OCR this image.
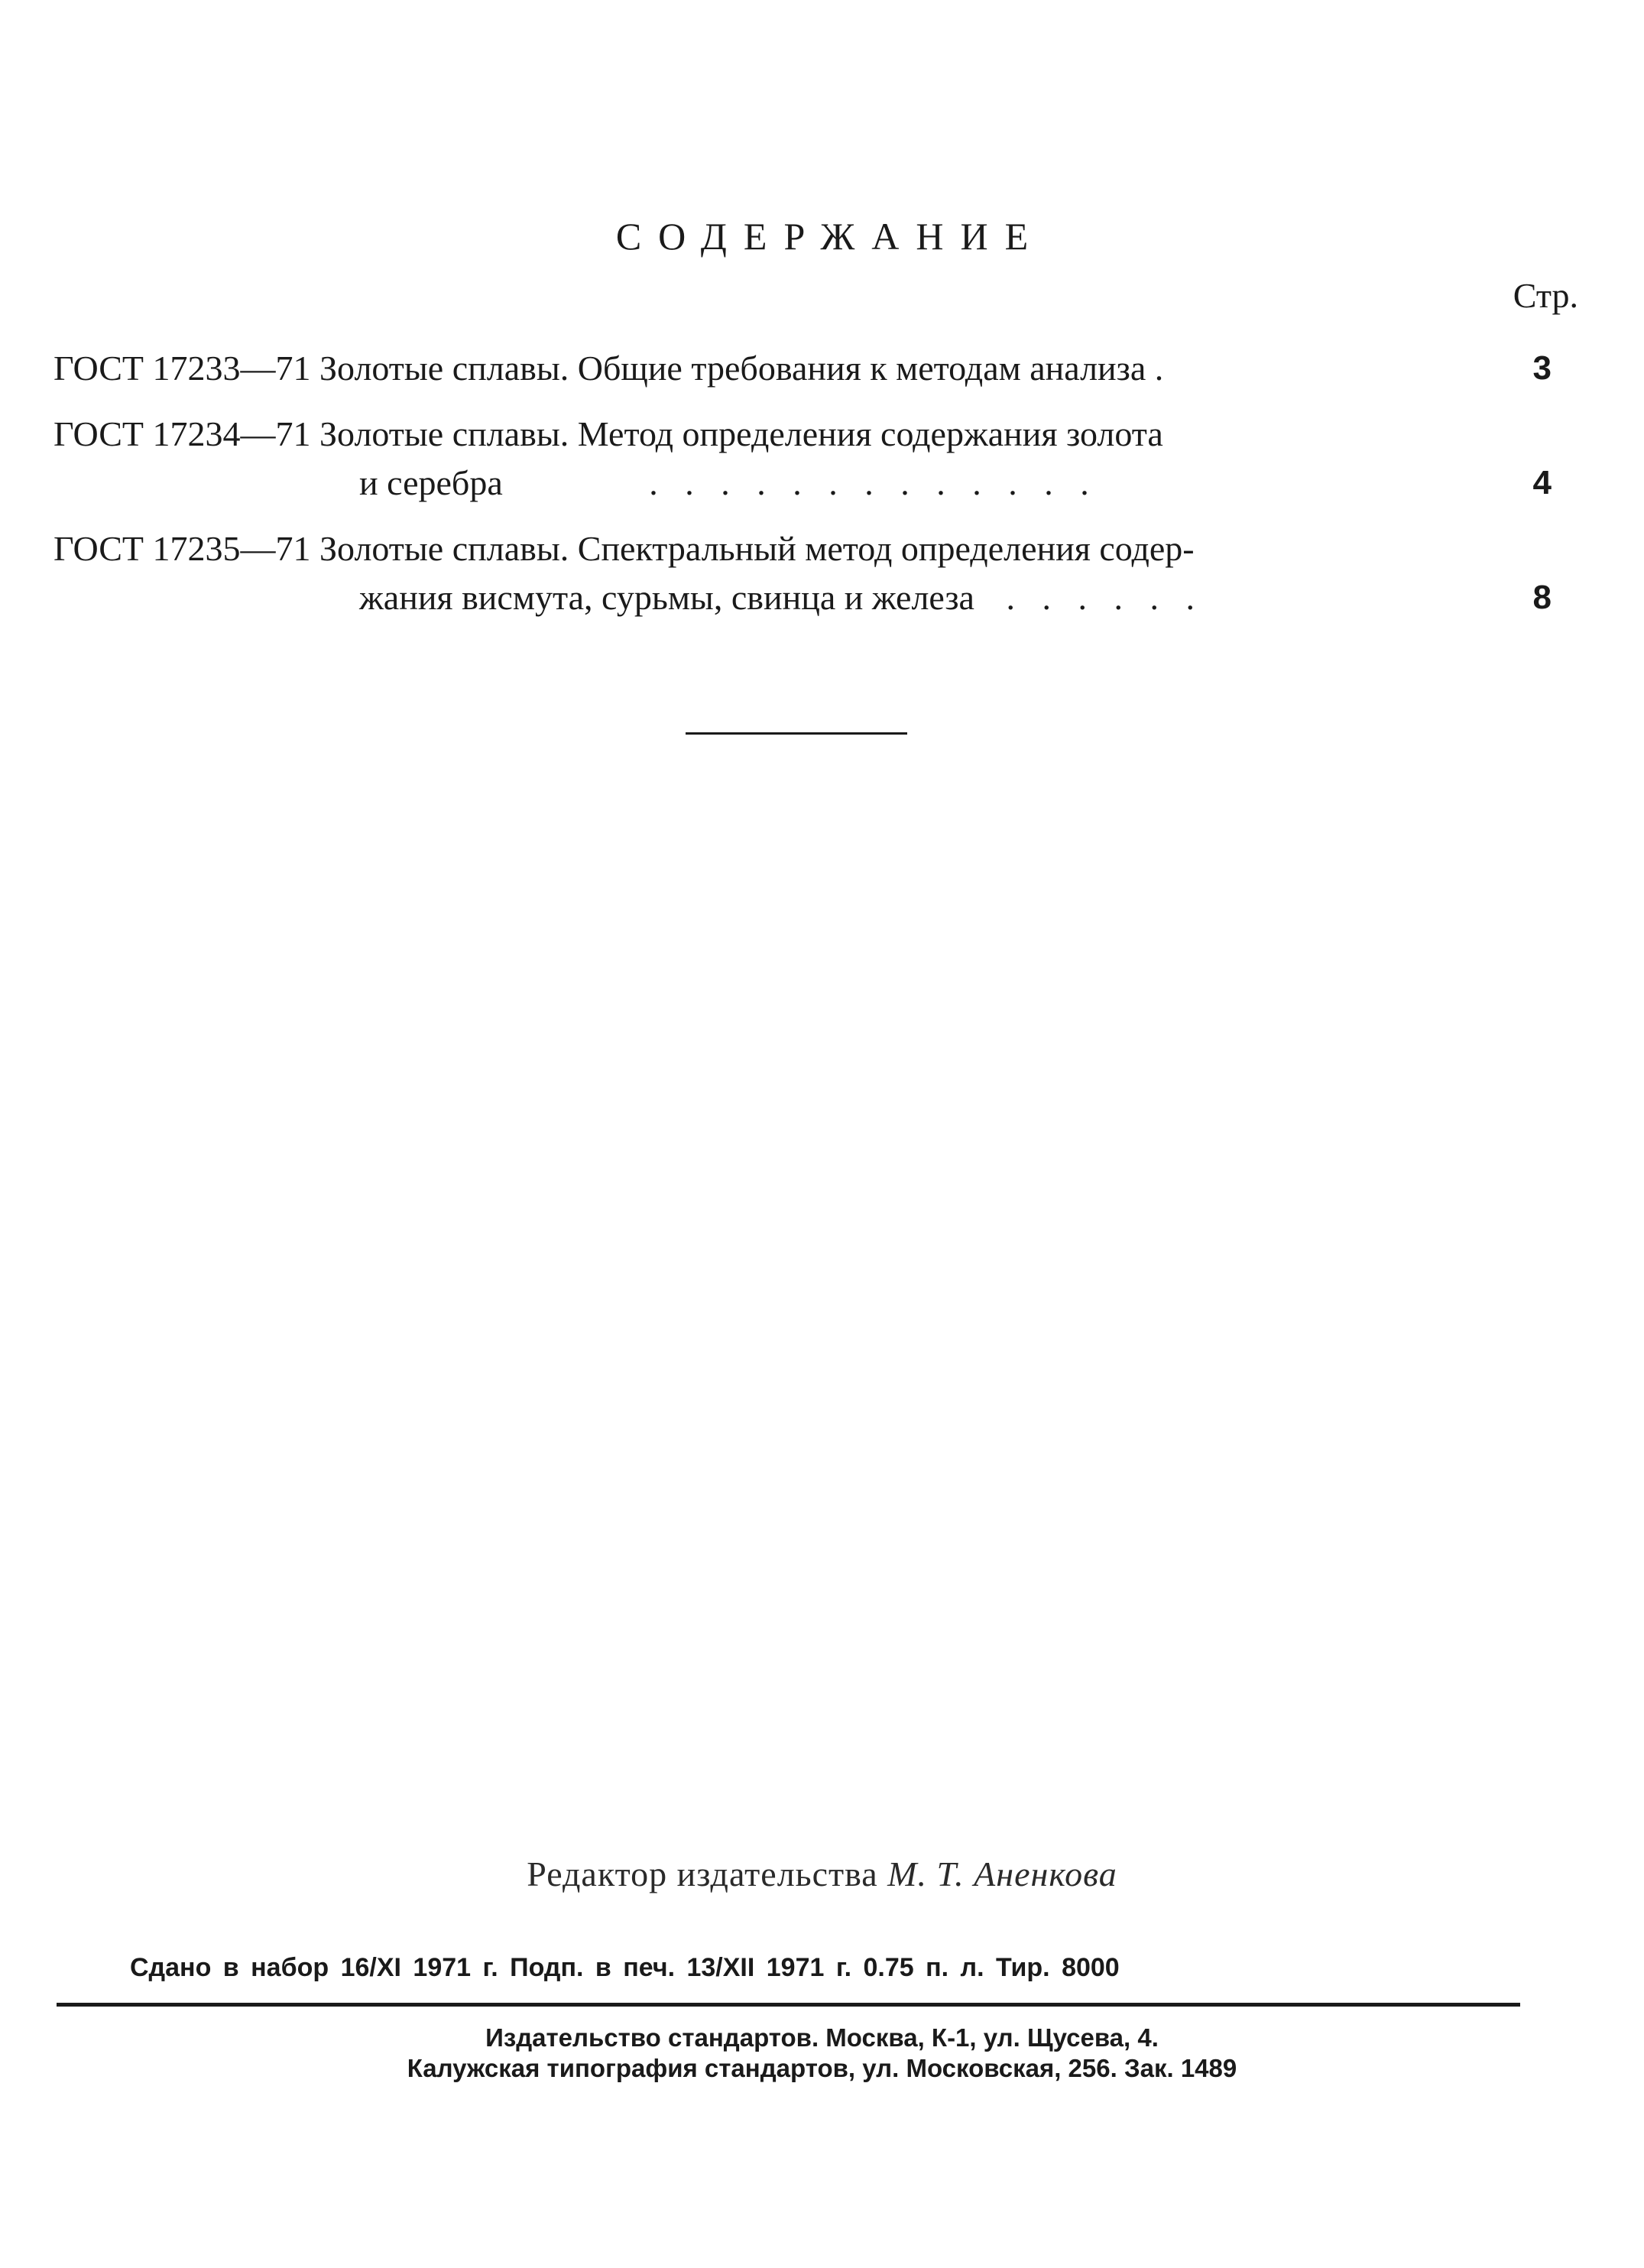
СОДЕРЖАНИЕ
Стр.
ГОСТ 17233—71 Золотые сплавы. Общие требования к методам анализа .	3
ГОСТ 17234—71 Золотые сплавы. Метод определения содержания золота
и серебра	. . . . . . . . . . . . .	4
ГОСТ 17235—71 Золотые сплавы. Спектральный метод определения содер-
жания висмута, сурьмы, свинца и железа . . . . . .	8
Редактор издательства М. Т. Аненкова
Сдано в набор 16/XI 1971 г. Подп. в печ. 13/XII 1971 г. 0.75 п. л. Тир. 8000
Издательство стандартов. Москва, К-1, ул. Щусева, 4.
Калужская типография стандартов, ул. Московская, 256. Зак. 1489
